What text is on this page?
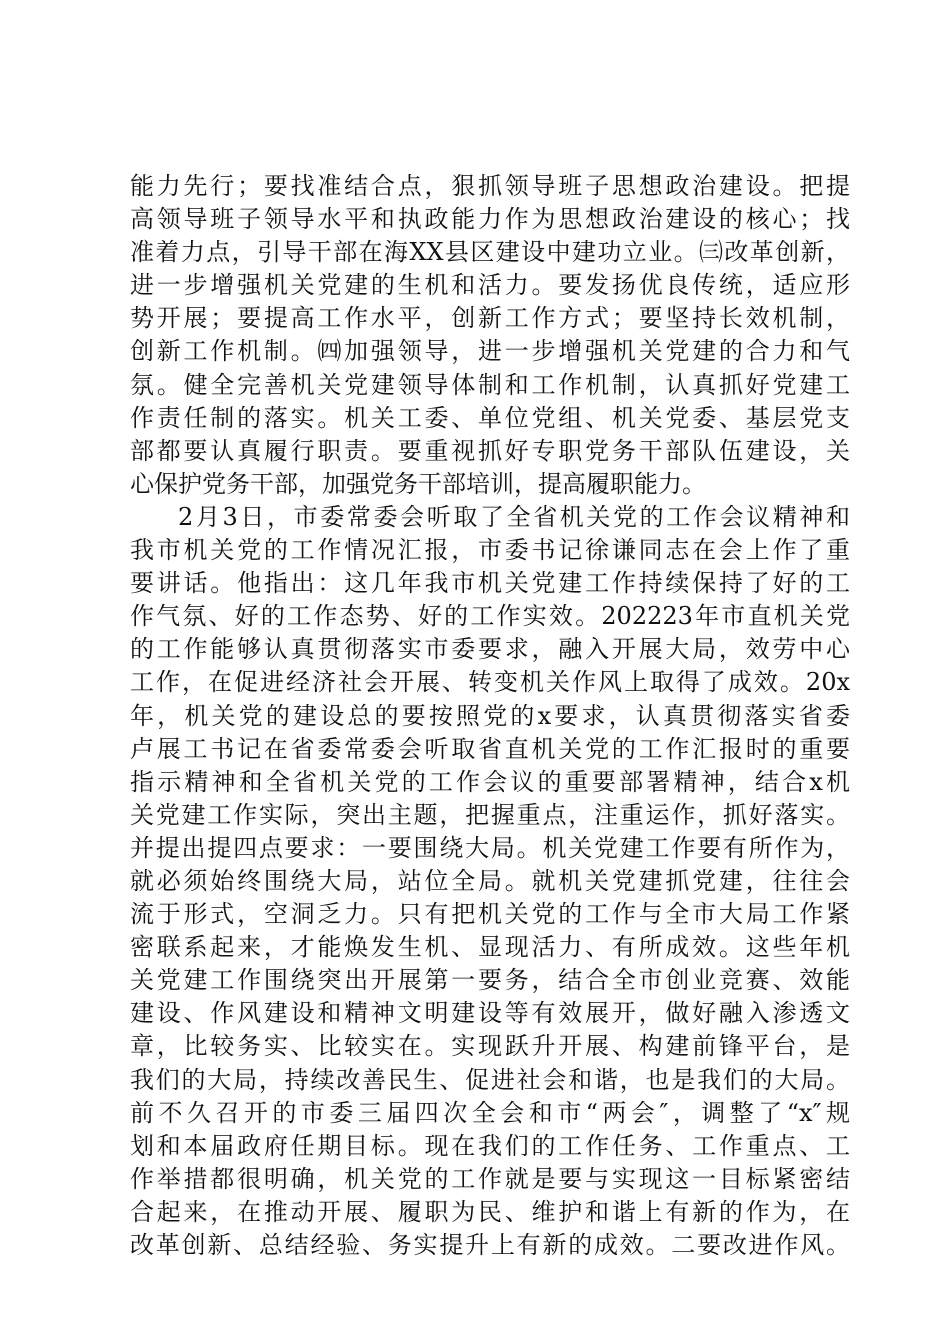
能力先行；要找准结合点，狠抓领导班子思想政治建设。把提
高领导班子领导水平和执政能力作为思想政治建设的核心；找
准着力点，引导干部在海XX县区建设中建功立业。㈢改革创新，
进一步增强机关党建的生机和活力。要发扬优良传统，适应形
势开展；要提高工作水平，创新工作方式；要坚持长效机制，
创新工作机制。㈣加强领导，进一步增强机关党建的合力和气
氛。健全完善机关党建领导体制和工作机制，认真抓好党建工
作责任制的落实。机关工委、单位党组、机关党委、基层党支
部都要认真履行职责。要重视抓好专职党务干部队伍建设，关
心保护党务干部，加强党务干部培训，提高履职能力。
2月3日，市委常委会听取了全省机关党的工作会议精神和
我市机关党的工作情况汇报，市委书记徐谦同志在会上作了重
要讲话。他指出：这几年我市机关党建工作持续保持了好的工
作气氛、好的工作态势、好的工作实效。202223年市直机关党
的工作能够认真贯彻落实市委要求，融入开展大局，效劳中心
工作，在促进经济社会开展、转变机关作风上取得了成效。20x
年，机关党的建设总的要按照党的x要求，认真贯彻落实省委
卢展工书记在省委常委会听取省直机关党的工作汇报时的重要
指示精神和全省机关党的工作会议的重要部署精神，结合x机
关党建工作实际，突出主题，把握重点，注重运作，抓好落实。
并提出提四点要求：一要围绕大局。机关党建工作要有所作为，
就必须始终围绕大局，站位全局。就机关党建抓党建，往往会
流于形式，空洞乏力。只有把机关党的工作与全市大局工作紧
密联系起来，才能焕发生机、显现活力、有所成效。这些年机
关党建工作围绕突出开展第一要务，结合全市创业竞赛、效能
建设、作风建设和精神文明建设等有效展开，做好融入渗透文
章，比较务实、比较实在。实现跃升开展、构建前锋平台，是
我们的大局，持续改善民生、促进社会和谐，也是我们的大局。
前不久召开的市委三届四次全会和市“两会″，调整了“x″规
划和本届政府任期目标。现在我们的工作任务、工作重点、工
作举措都很明确，机关党的工作就是要与实现这一目标紧密结
合起来，在推动开展、履职为民、维护和谐上有新的作为，在
改革创新、总结经验、务实提升上有新的成效。二要改进作风。
